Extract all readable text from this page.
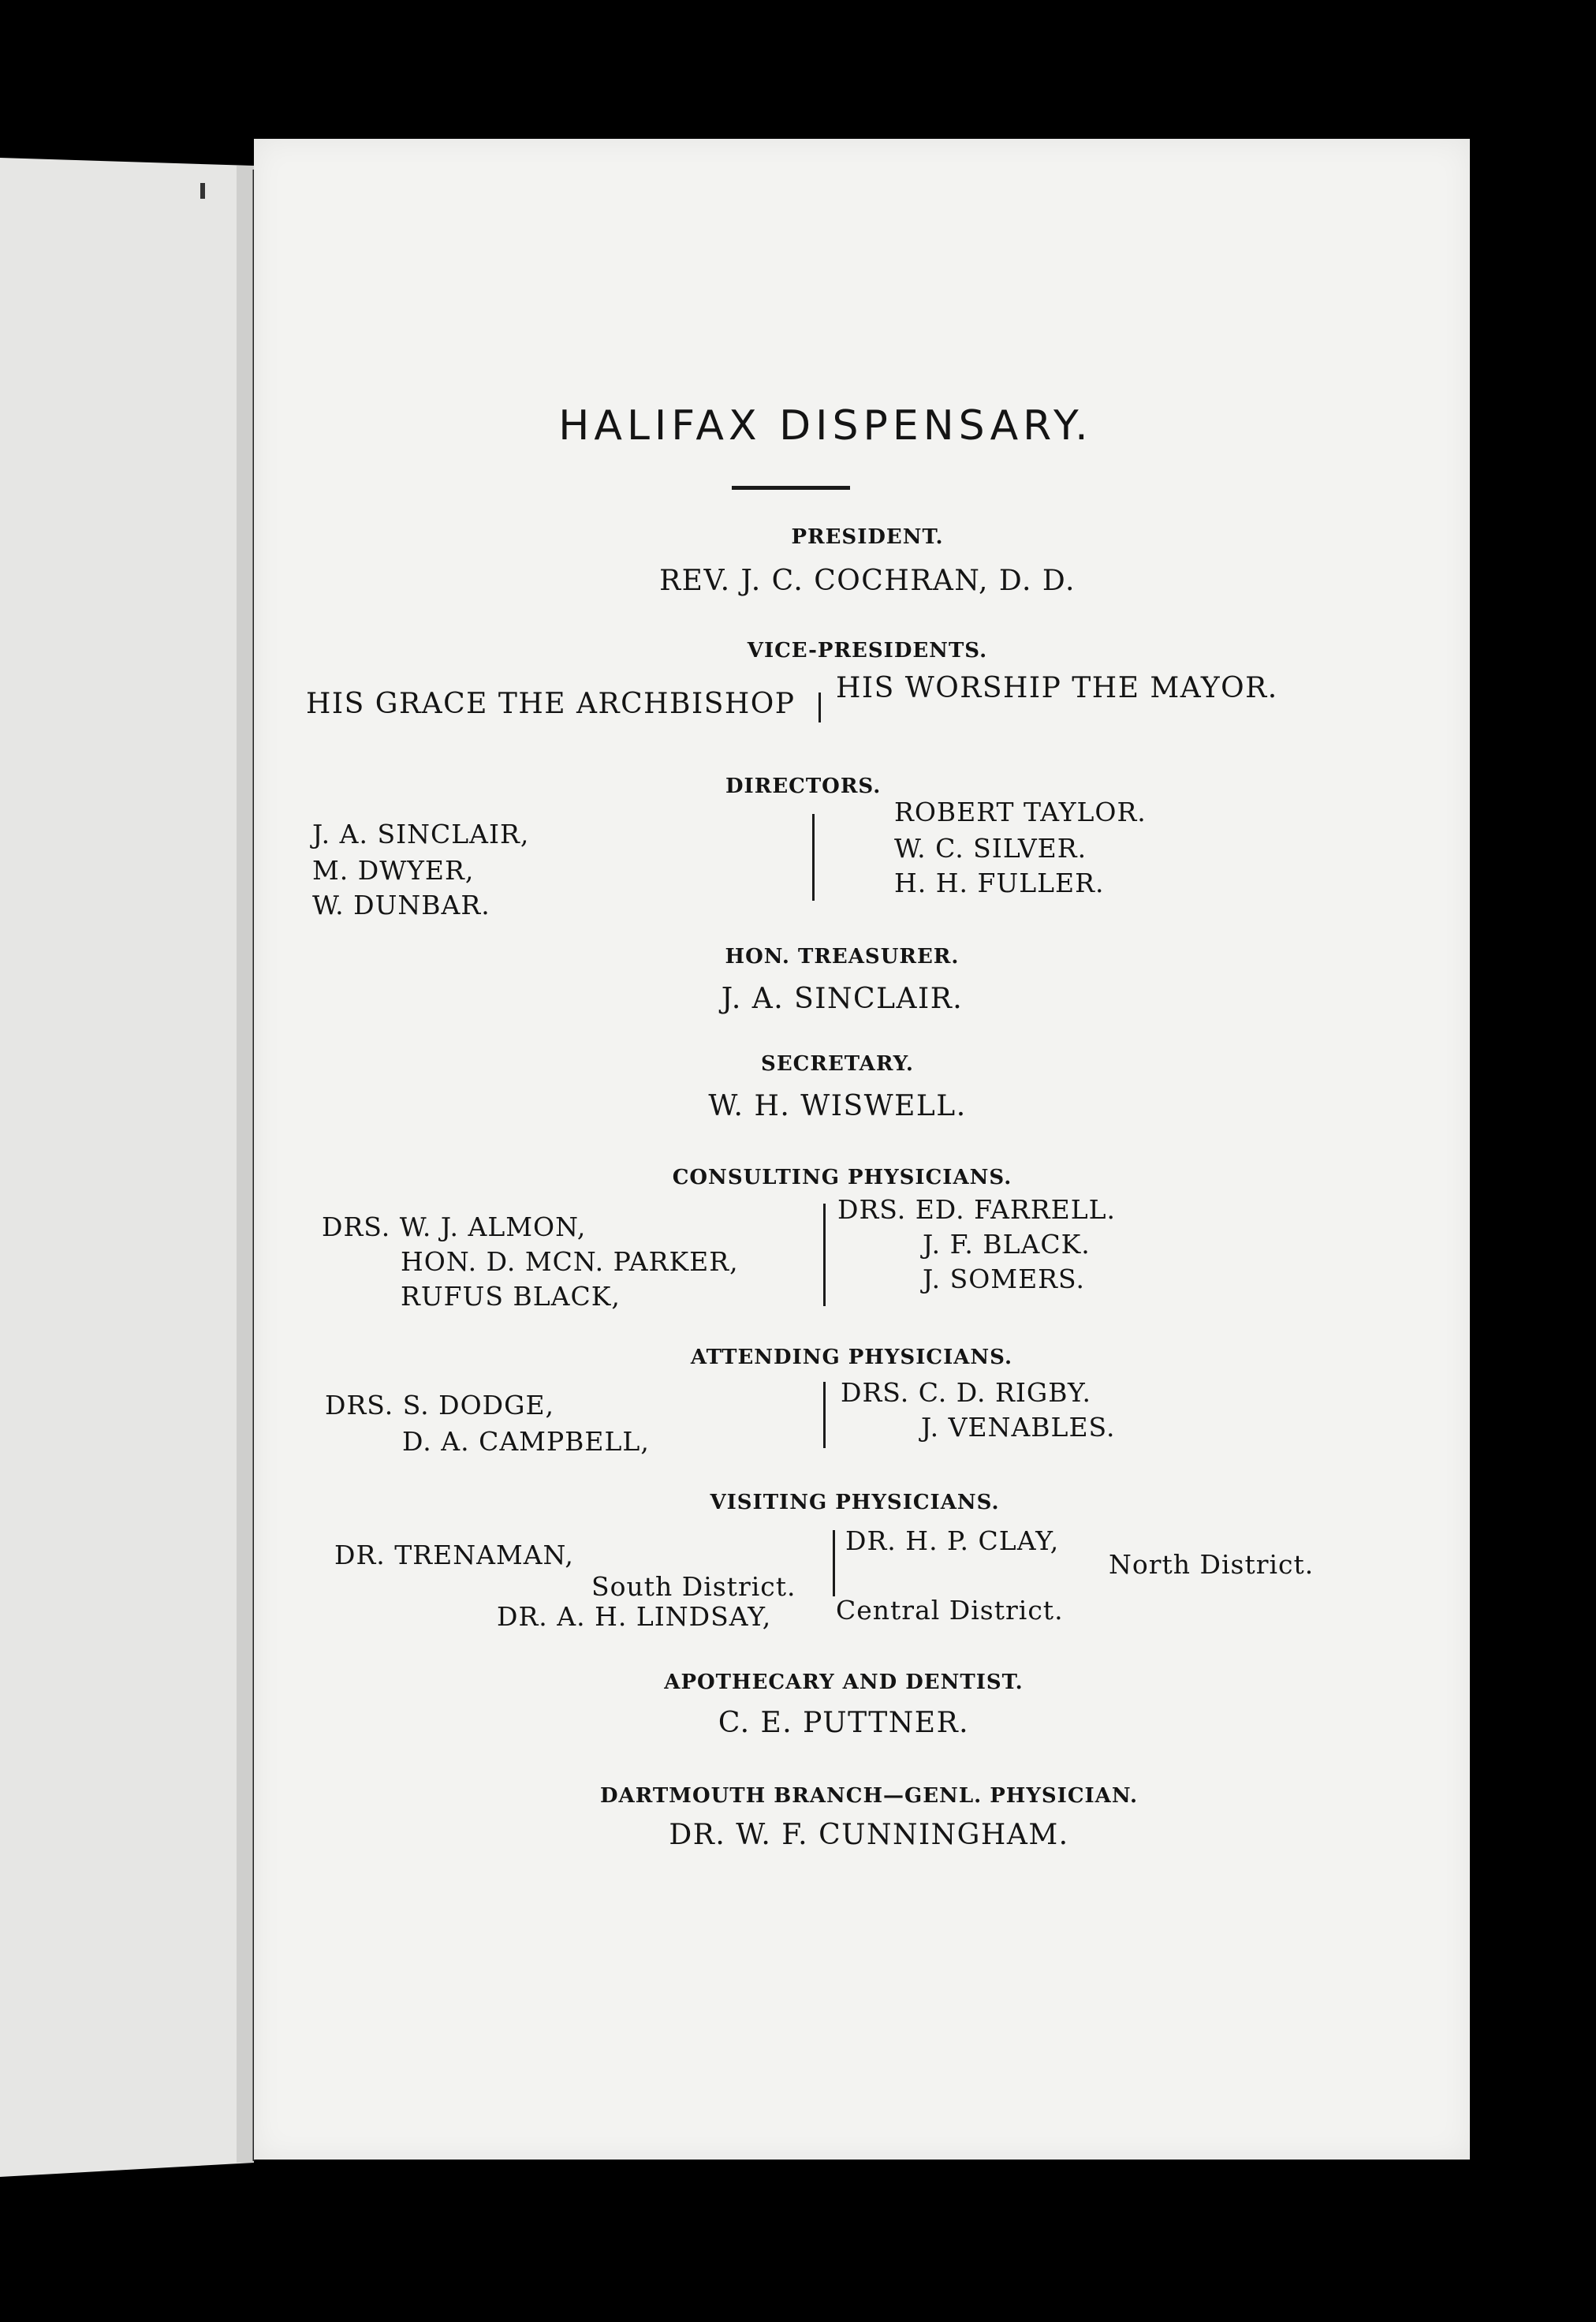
HALIFAX DISPENSARY.
PRESIDENT.
REV. J. C. COCHRAN, D. D.
VICE-PRESIDENTS.
HIS GRACE THE ARCHBISHOP HIS WORSHIP THE MAYOR.
DIRECTORS.
J. A. SINCLAIR,
M. DWYER,
W. DUNBAR.
ROBERT TAYLOR.
W. C. SILVER.
H. H. FULLER.
HON. TREASURER.
J. A. SINCLAIR.
SECRETARY.
W. H. WISWELL.
CONSULTING PHYSICIANS.
DRS. W. J. ALMON,
HON. D. MCN. PARKER,
RUFUS BLACK,
DRS. ED. FARRELL.
J. F. BLACK.
J. SOMERS.
ATTENDING PHYSICIANS.
DRS. S. DODGE,
D. A. CAMPBELL,
DRS. C. D. RIGBY.
J. VENABLES.
VISITING PHYSICIANS.
DR. TRENAMAN,
South District.
DR. H. P. CLAY,
North District.
DR. A. H. LINDSAY, Central District.
APOTHECARY AND DENTIST.
C. E. PUTTNER.
DARTMOUTH BRANCH—GENL. PHYSICIAN.
DR. W. F. CUNNINGHAM.
